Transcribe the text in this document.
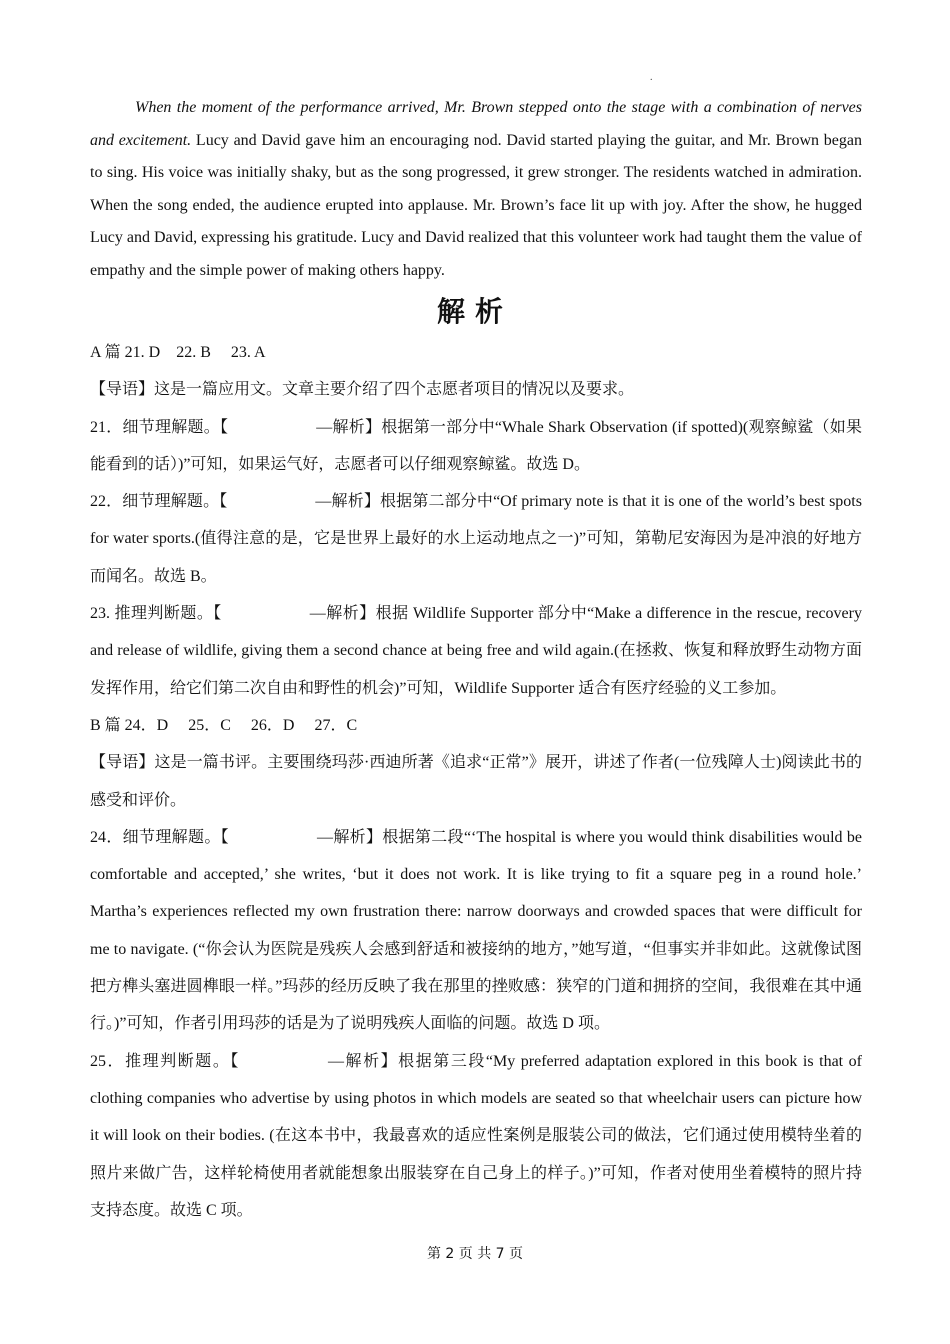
.

When the moment of the performance arrived, Mr. Brown stepped onto the stage with a combination of nerves and excitement. Lucy and David gave him an encouraging nod. David started playing the guitar, and Mr. Brown began to sing. His voice was initially shaky, but as the song progressed, it grew stronger. The residents watched in admiration. When the song ended, the audience erupted into applause. Mr. Brown’s face lit up with joy. After the show, he hugged Lucy and David, expressing his gratitude. Lucy and David realized that this volunteer work had taught them the value of empathy and the simple power of making others happy.

解析

A 篇 21. D　22. B　 23. A

【导语】这是一篇应用文。文章主要介绍了四个志愿者项目的情况以及要求。

21．细节理解题。【	—解析】根据第一部分中“Whale Shark Observation (if spotted)(观察鲸鲨（如果能看到的话）)”可知，如果运气好，志愿者可以仔细观察鲸鲨。故选 D。

22．细节理解题。【	—解析】根据第二部分中“Of primary note is that it is one of the world’s best spots for water sports.(值得注意的是，它是世界上最好的水上运动地点之一)”可知，第勒尼安海因为是冲浪的好地方而闻名。故选 B。

23. 推理判断题。【	—解析】根据 Wildlife Supporter 部分中“Make a difference in the rescue, recovery and release of wildlife, giving them a second chance at being free and wild again.(在拯救、恢复和释放野生动物方面发挥作用，给它们第二次自由和野性的机会)”可知，Wildlife Supporter 适合有医疗经验的义工参加。

B 篇 24．D　 25．C　 26．D　 27．C

【导语】这是一篇书评。主要围绕玛莎·西迪所著《追求“正常”》展开，讲述了作者(一位残障人士)阅读此书的感受和评价。

24．细节理解题。【	—解析】根据第二段“‘The hospital is where you would think disabilities would be comfortable and accepted,’ she writes, ‘but it does not work. It is like trying to fit a square peg in a round hole.’ Martha’s experiences reflected my own frustration there: narrow doorways and crowded spaces that were difficult for me to navigate. (“你会认为医院是残疾人会感到舒适和被接纳的地方，”她写道，“但事实并非如此。这就像试图把方榫头塞进圆榫眼一样。”玛莎的经历反映了我在那里的挫败感：狭窄的门道和拥挤的空间，我很难在其中通行。)”可知，作者引用玛莎的话是为了说明残疾人面临的问题。故选 D 项。

25．推理判断题。【	—解析】根据第三段“My preferred adaptation explored in this book is that of clothing companies who advertise by using photos in which models are seated so that wheelchair users can picture how it will look on their bodies. (在这本书中，我最喜欢的适应性案例是服装公司的做法，它们通过使用模特坐着的照片来做广告，这样轮椅使用者就能想象出服装穿在自己身上的样子。)”可知，作者对使用坐着模特的照片持支持态度。故选 C 项。

第 2 页 共 7 页
